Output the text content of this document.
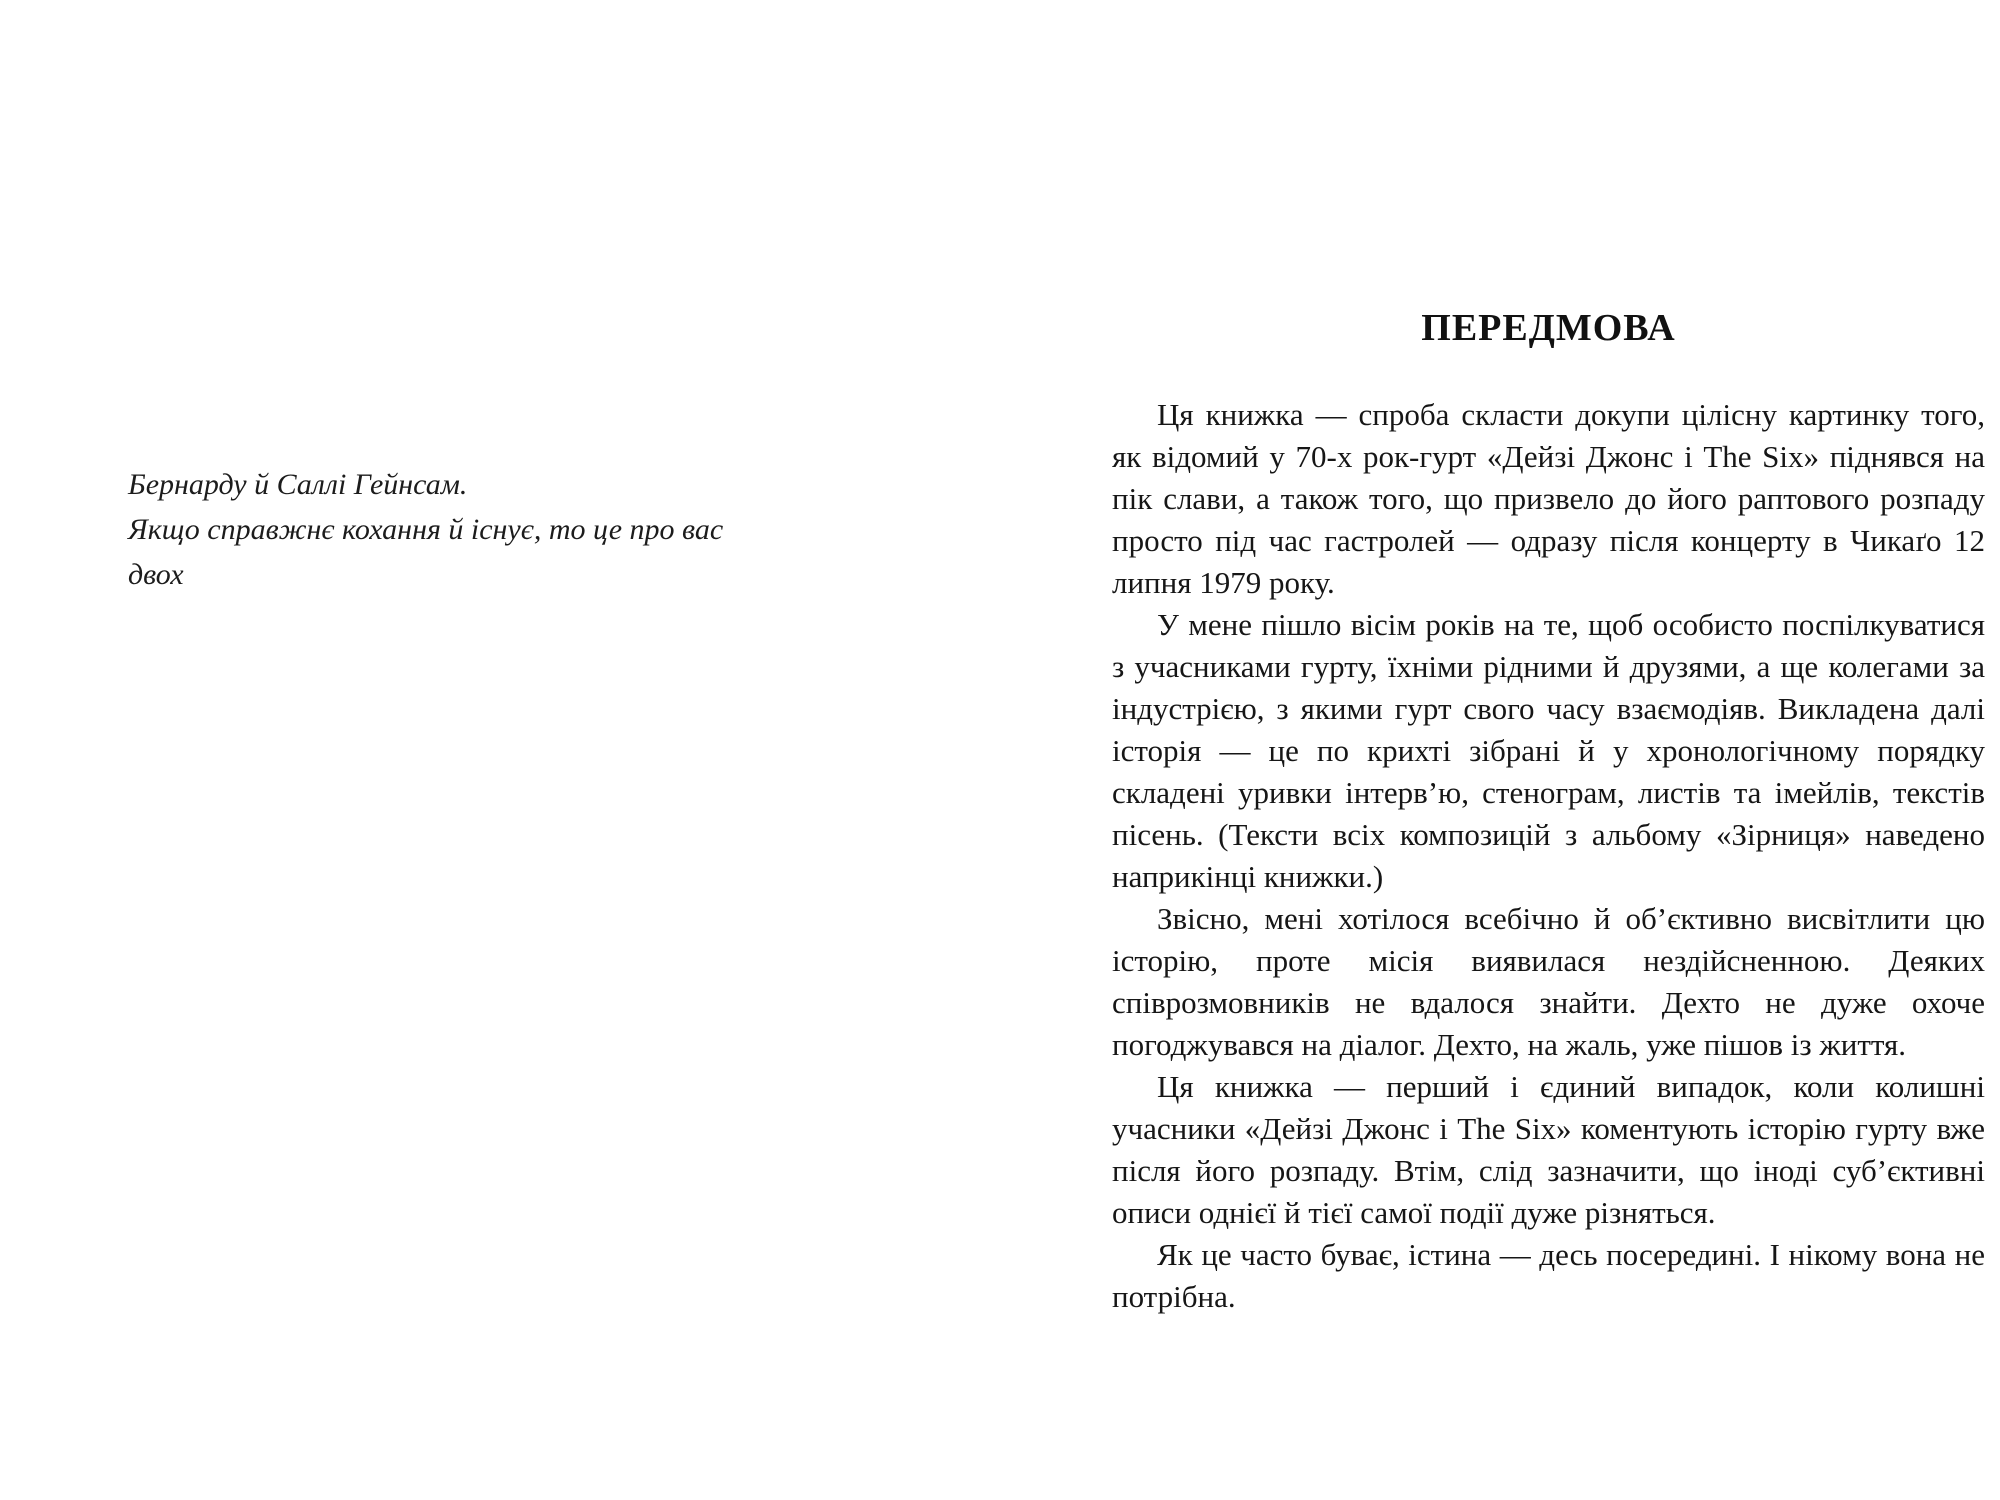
Бернарду й Саллі Гейнсам.
Якщо справжнє кохання й існує, то це про вас двох
ПЕРЕДМОВА

Ця книжка — спроба скласти докупи цілісну картинку того, як відомий у 70-х рок-гурт «Дейзі Джонс і The Six» піднявся на пік слави, а також того, що призвело до його раптового розпаду просто під час гастролей — одразу після концерту в Чикаґо 12 липня 1979 року.

У мене пішло вісім років на те, щоб особисто поспілкуватися з учасниками гурту, їхніми рідними й друзями, а ще колегами за індустрією, з якими гурт свого часу взаємодіяв. Викладена далі історія — це по крихті зібрані й у хронологічному порядку складені уривки інтерв’ю, стенограм, листів та імейлів, текстів пісень. (Тексти всіх композицій з альбому «Зірниця» наведено наприкінці книжки.)

Звісно, мені хотілося всебічно й об’єктивно висвітлити цю історію, проте місія виявилася нездійсненною. Деяких співрозмовників не вдалося знайти. Дехто не дуже охоче погоджувався на діалог. Дехто, на жаль, уже пішов із життя.

Ця книжка — перший і єдиний випадок, коли колишні учасники «Дейзі Джонс і The Six» коментують історію гурту вже після його розпаду. Втім, слід зазначити, що іноді суб’єктивні описи однієї й тієї самої події дуже різняться.

Як це часто буває, істина — десь посередині. І нікому вона не потрібна.
